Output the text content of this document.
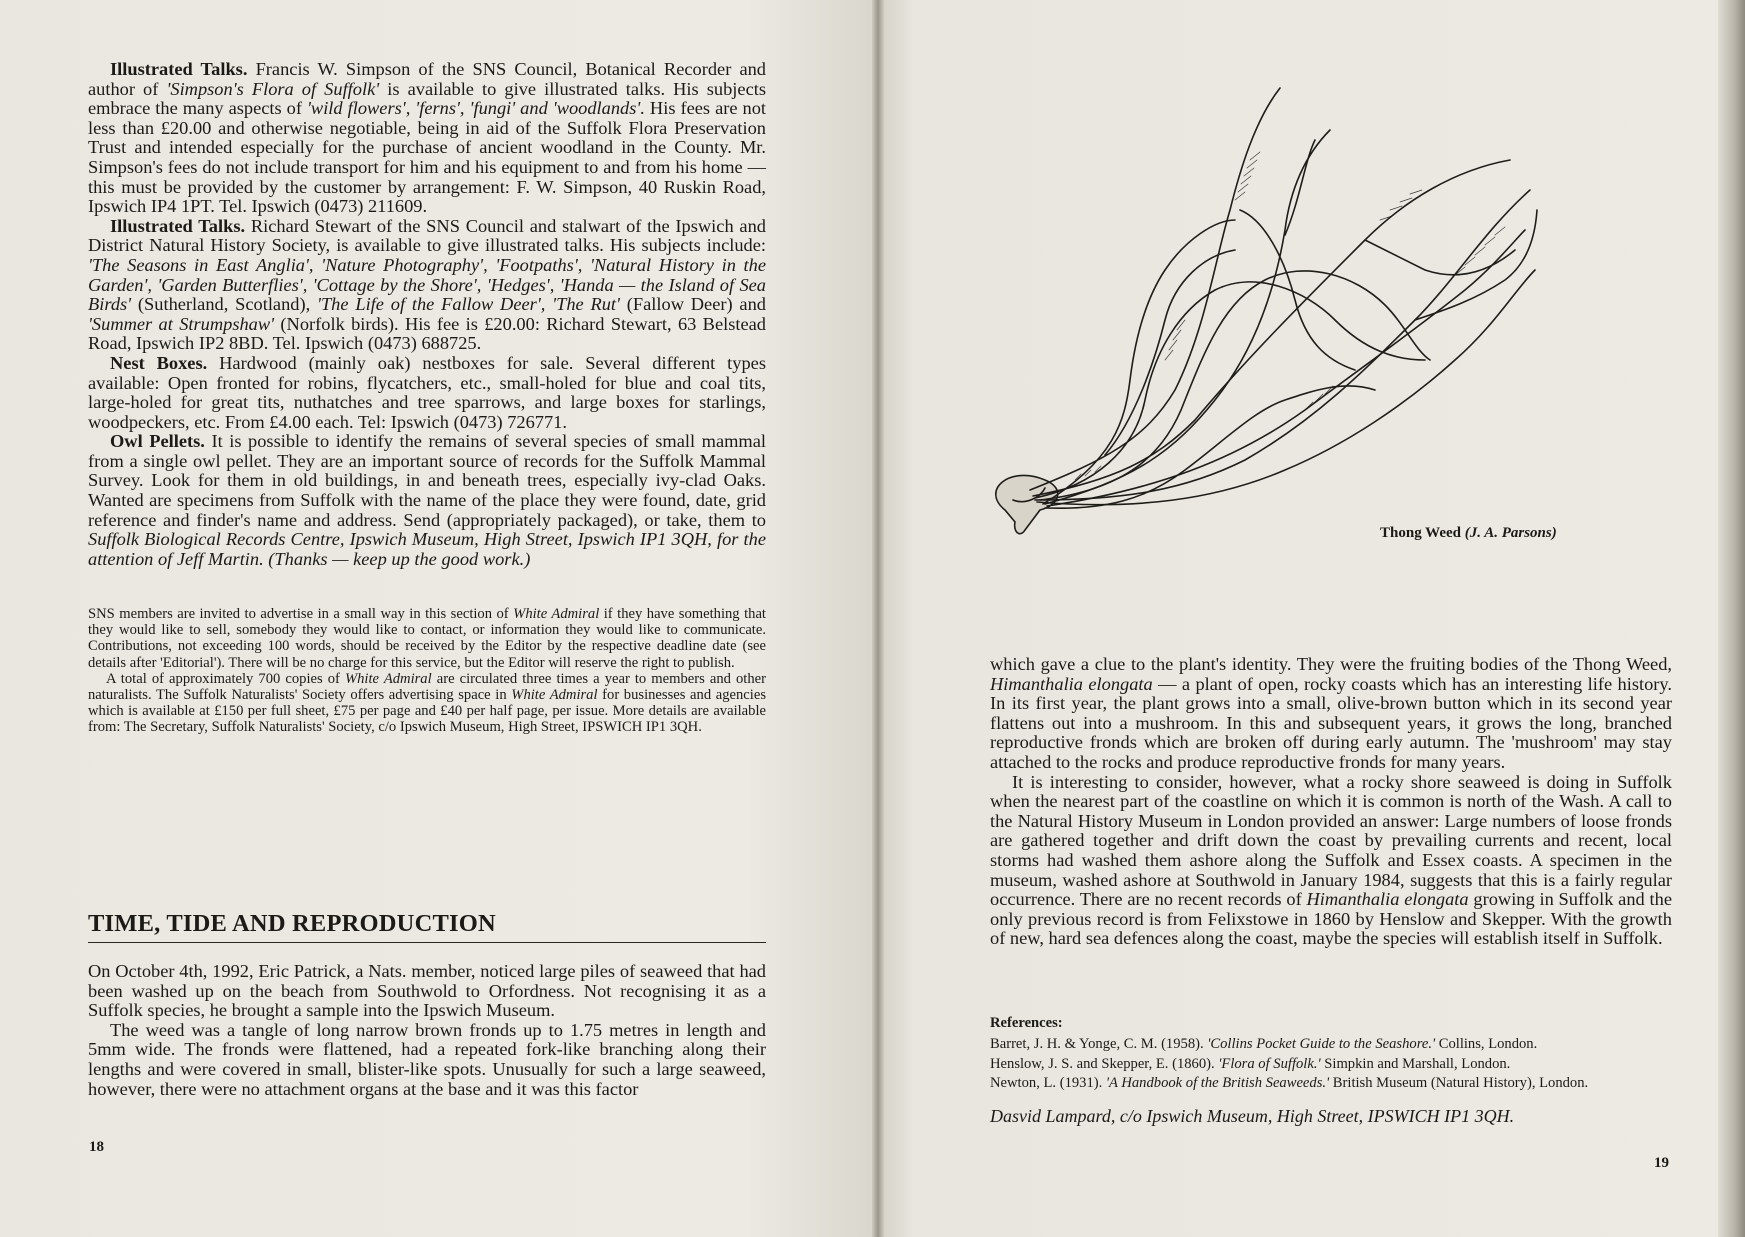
Illustrated Talks. Francis W. Simpson of the SNS Council, Botanical Recorder and author of 'Simpson's Flora of Suffolk' is available to give illustrated talks. His subjects embrace the many aspects of 'wild flowers', 'ferns', 'fungi' and 'woodlands'. His fees are not less than £20.00 and otherwise negotiable, being in aid of the Suffolk Flora Preservation Trust and intended especially for the purchase of ancient woodland in the County. Mr. Simpson's fees do not include transport for him and his equipment to and from his home — this must be provided by the customer by arrangement: F. W. Simpson, 40 Ruskin Road, Ipswich IP4 1PT. Tel. Ipswich (0473) 211609.

Illustrated Talks. Richard Stewart of the SNS Council and stalwart of the Ipswich and District Natural History Society, is available to give illustrated talks. His subjects include: 'The Seasons in East Anglia', 'Nature Photography', 'Footpaths', 'Natural History in the Garden', 'Garden Butterflies', 'Cottage by the Shore', 'Hedges', 'Handa — the Island of Sea Birds' (Sutherland, Scotland), 'The Life of the Fallow Deer', 'The Rut' (Fallow Deer) and 'Summer at Strumpshaw' (Norfolk birds). His fee is £20.00: Richard Stewart, 63 Belstead Road, Ipswich IP2 8BD. Tel. Ipswich (0473) 688725.

Nest Boxes. Hardwood (mainly oak) nestboxes for sale. Several different types available: Open fronted for robins, flycatchers, etc., small-holed for blue and coal tits, large-holed for great tits, nuthatches and tree sparrows, and large boxes for starlings, woodpeckers, etc. From £4.00 each. Tel: Ipswich (0473) 726771.

Owl Pellets. It is possible to identify the remains of several species of small mammal from a single owl pellet. They are an important source of records for the Suffolk Mammal Survey. Look for them in old buildings, in and beneath trees, especially ivy-clad Oaks. Wanted are specimens from Suffolk with the name of the place they were found, date, grid reference and finder's name and address. Send (appropriately packaged), or take, them to Suffolk Biological Records Centre, Ipswich Museum, High Street, Ipswich IP1 3QH, for the attention of Jeff Martin. (Thanks — keep up the good work.)

SNS members are invited to advertise in a small way in this section of White Admiral if they have something that they would like to sell, somebody they would like to contact, or information they would like to communicate. Contributions, not exceeding 100 words, should be received by the Editor by the respective deadline date (see details after 'Editorial'). There will be no charge for this service, but the Editor will reserve the right to publish.

A total of approximately 700 copies of White Admiral are circulated three times a year to members and other naturalists. The Suffolk Naturalists' Society offers advertising space in White Admiral for businesses and agencies which is available at £150 per full sheet, £75 per page and £40 per half page, per issue. More details are available from: The Secretary, Suffolk Naturalists' Society, c/o Ipswich Museum, High Street, IPSWICH IP1 3QH.

TIME, TIDE AND REPRODUCTION

On October 4th, 1992, Eric Patrick, a Nats. member, noticed large piles of seaweed that had been washed up on the beach from Southwold to Orfordness. Not recognising it as a Suffolk species, he brought a sample into the Ipswich Museum.

The weed was a tangle of long narrow brown fronds up to 1.75 metres in length and 5mm wide. The fronds were flattened, had a repeated fork-like branching along their lengths and were covered in small, blister-like spots. Unusually for such a large seaweed, however, there were no attachment organs at the base and it was this factor

18
Thong Weed (J. A. Parsons)

which gave a clue to the plant's identity. They were the fruiting bodies of the Thong Weed, Himanthalia elongata — a plant of open, rocky coasts which has an interesting life history. In its first year, the plant grows into a small, olive-brown button which in its second year flattens out into a mushroom. In this and subsequent years, it grows the long, branched reproductive fronds which are broken off during early autumn. The 'mushroom' may stay attached to the rocks and produce reproductive fronds for many years.

It is interesting to consider, however, what a rocky shore seaweed is doing in Suffolk when the nearest part of the coastline on which it is common is north of the Wash. A call to the Natural History Museum in London provided an answer: Large numbers of loose fronds are gathered together and drift down the coast by prevailing currents and recent, local storms had washed them ashore along the Suffolk and Essex coasts. A specimen in the museum, washed ashore at Southwold in January 1984, suggests that this is a fairly regular occurrence. There are no recent records of Himanthalia elongata growing in Suffolk and the only previous record is from Felixstowe in 1860 by Henslow and Skepper. With the growth of new, hard sea defences along the coast, maybe the species will establish itself in Suffolk.

References:
Barret, J. H. & Yonge, C. M. (1958). 'Collins Pocket Guide to the Seashore.' Collins, London.
Henslow, J. S. and Skepper, E. (1860). 'Flora of Suffolk.' Simpkin and Marshall, London.
Newton, L. (1931). 'A Handbook of the British Seaweeds.' British Museum (Natural History), London.
Dasvid Lampard, c/o Ipswich Museum, High Street, IPSWICH IP1 3QH.
19
